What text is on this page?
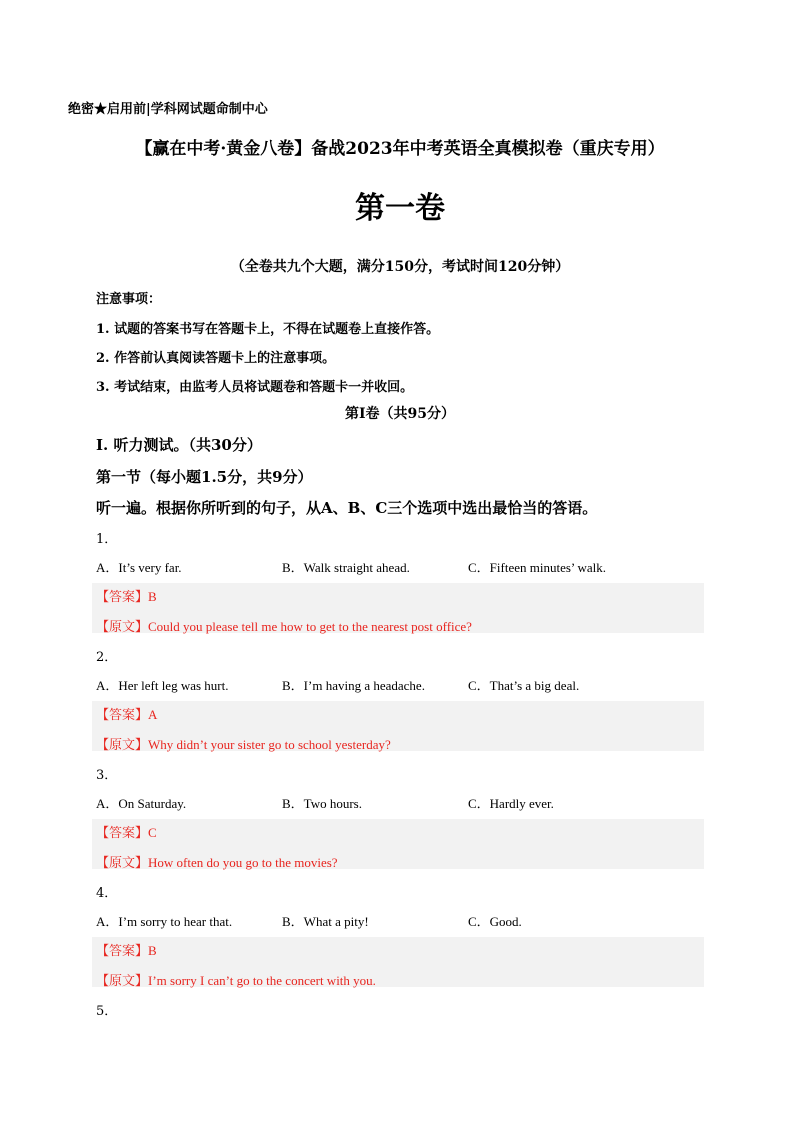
绝密★启用前|学科网试题命制中心
【赢在中考·黄金八卷】备战2023年中考英语全真模拟卷（重庆专用）
第一卷
（全卷共九个大题，满分150分，考试时间120分钟）
注意事项：
1. 试题的答案书写在答题卡上，不得在试题卷上直接作答。
2. 作答前认真阅读答题卡上的注意事项。
3. 考试结束，由监考人员将试题卷和答题卡一并收回。
第Ⅰ卷（共95分）
I. 听力测试。（共30分）
第一节（每小题1.5分，共9分）
听一遍。根据你所听到的句子，从A、B、C三个选项中选出最恰当的答语。
1．
A．It’s very far.	B．Walk straight ahead.	C．Fifteen minutes’ walk.
【答案】B
【原文】Could you please tell me how to get to the nearest post office?
2．
A．Her left leg was hurt.	B．I’m having a headache.	C．That’s a big deal.
【答案】A
【原文】Why didn’t your sister go to school yesterday?
3．
A．On Saturday.	B．Two hours.	C．Hardly ever.
【答案】C
【原文】How often do you go to the movies?
4．
A．I’m sorry to hear that.	B．What a pity!	C．Good.
【答案】B
【原文】I’m sorry I can’t go to the concert with you.
5．
